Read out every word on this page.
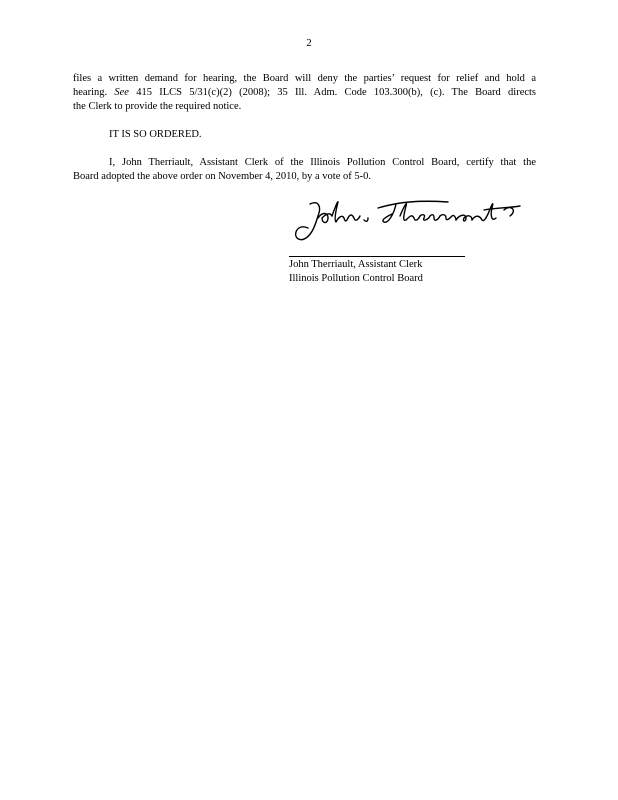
2
files a written demand for hearing, the Board will deny the parties’ request for relief and hold a
hearing. See 415 ILCS 5/31(c)(2) (2008); 35 Ill. Adm. Code 103.300(b), (c). The Board directs
the Clerk to provide the required notice.

IT IS SO ORDERED.

I, John Therriault, Assistant Clerk of the Illinois Pollution Control Board, certify that the
Board adopted the above order on November 4, 2010, by a vote of 5-0.
John Therriault, Assistant Clerk
Illinois Pollution Control Board
